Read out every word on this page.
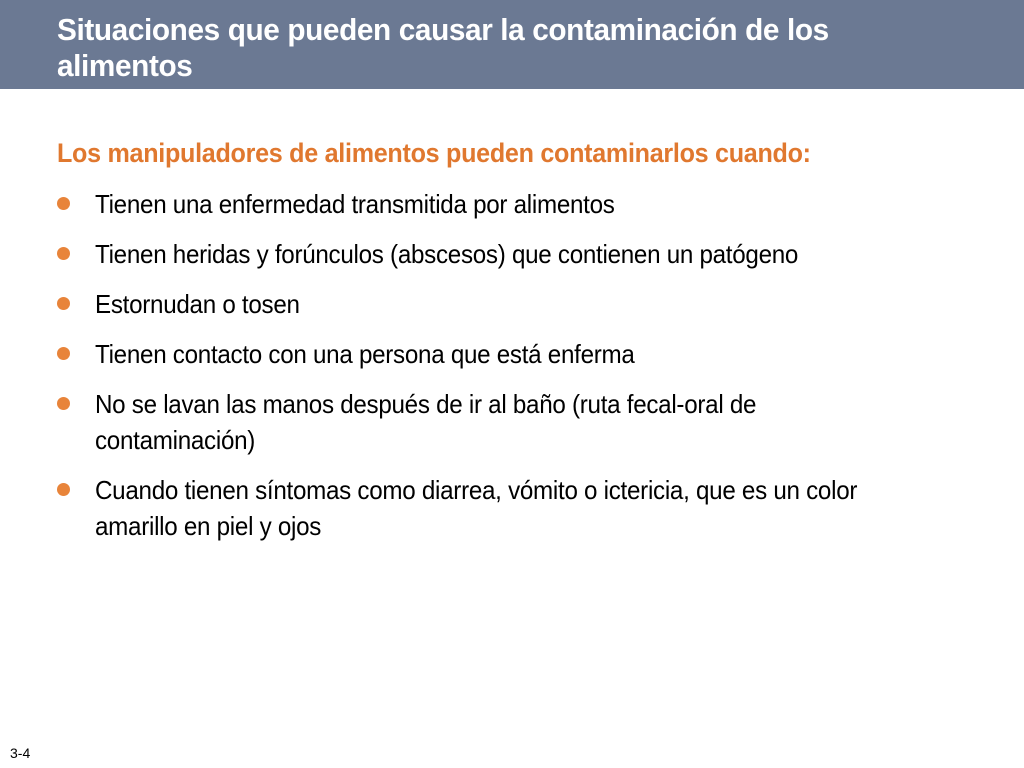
Situaciones que pueden causar la contaminación de los alimentos
Los manipuladores de alimentos pueden contaminarlos cuando:
Tienen una enfermedad transmitida por alimentos
Tienen heridas y forúnculos (abscesos) que contienen un patógeno
Estornudan o tosen
Tienen contacto con una persona que está enferma
No se lavan las manos después de ir al baño (ruta fecal-oral de contaminación)
Cuando tienen síntomas como diarrea, vómito o ictericia, que es un color amarillo en piel y ojos

3-4
